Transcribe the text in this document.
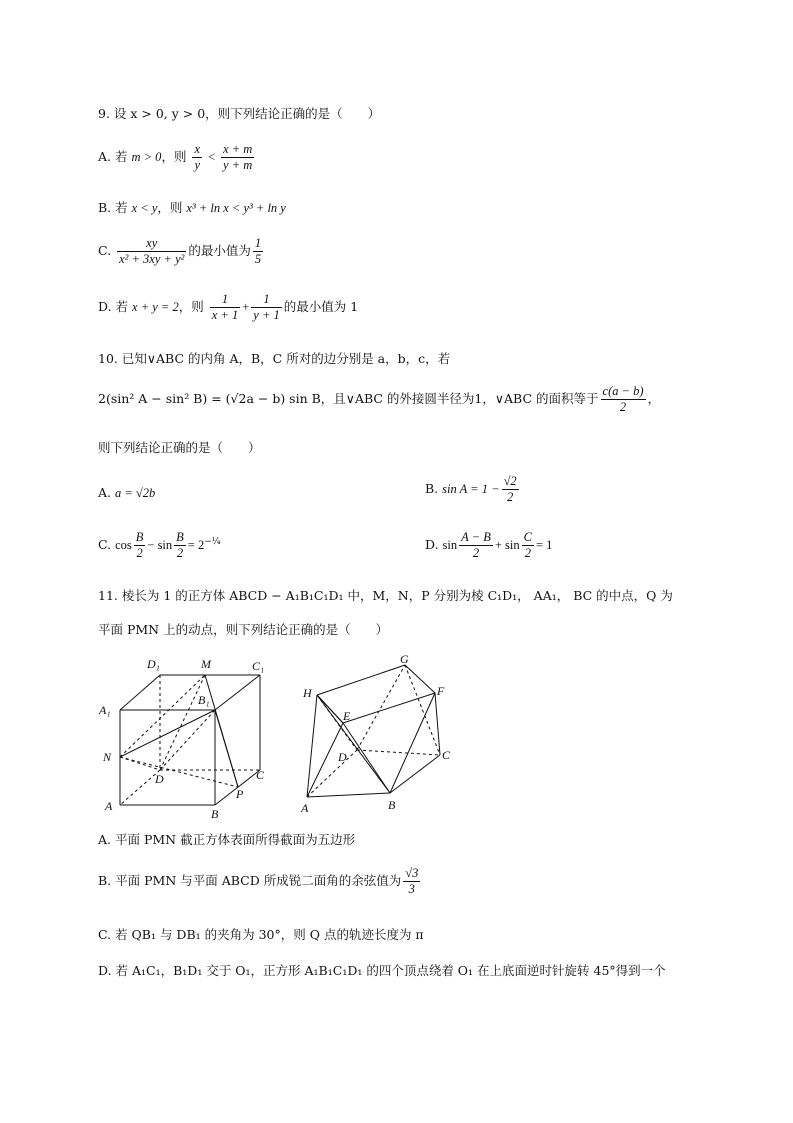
9. 设 x > 0, y > 0，则下列结论正确的是（　　）
A. 若 m > 0，则 $\frac{x}{y} < \frac{x + m}{y + m}$
B. 若 x < y，则 x³ + ln x < y³ + ln y
C. $\frac{xy}{\text{x² + 3xy + y²}}$ 的最小值为 $\frac{1}{5}$
D. 若 x + y = 2，则 $\frac{1}{x + 1} + \frac{1}{y + 1}$ 的最小值为 1
10. 已知∨ABC 的内角 A，B，C 所对的边分别是 a，b，c，若
2(sin² A − sin² B) = (√2a − b) sin B，且∨ABC 的外接圆半径为1，∨ABC 的面积等于 $\frac{c(a - b)}{2}$ ，
则下列结论正确的是（　　）
A. a = √2b	B. $\sin A = 1 - \frac{√2}{2}$
C. $\cos \frac{B}{2} - \sin \frac{B}{2} = 2^{-\frac{1}{4}}$	D. $\sin \frac{A - B}{2} + \sin \frac{C}{2} = 1$
11. 棱长为 1 的正方体 ABCD − A₁B₁C₁D₁ 中，M，N，P 分别为棱 C₁D₁， AA₁， BC 的中点，Q 为
平面 PMN 上的动点，则下列结论正确的是（　　）
D₁	M	C₁
A₁
B₁
N
D	C
A
B
P
G
H	F
E
D	C
A	B
A. 平面 PMN 截正方体表面所得截面为五边形
B. 平面 PMN 与平面 ABCD 所成锐二面角的余弦值为 $\frac{√3}{3}$
C. 若 QB₁ 与 DB₁ 的夹角为 30°，则 Q 点的轨迹长度为 π
D. 若 A₁C₁，B₁D₁ 交于 O₁，正方形 A₁B₁C₁D₁ 的四个顶点绕着 O₁ 在上底面逆时针旋转 45°得到一个
